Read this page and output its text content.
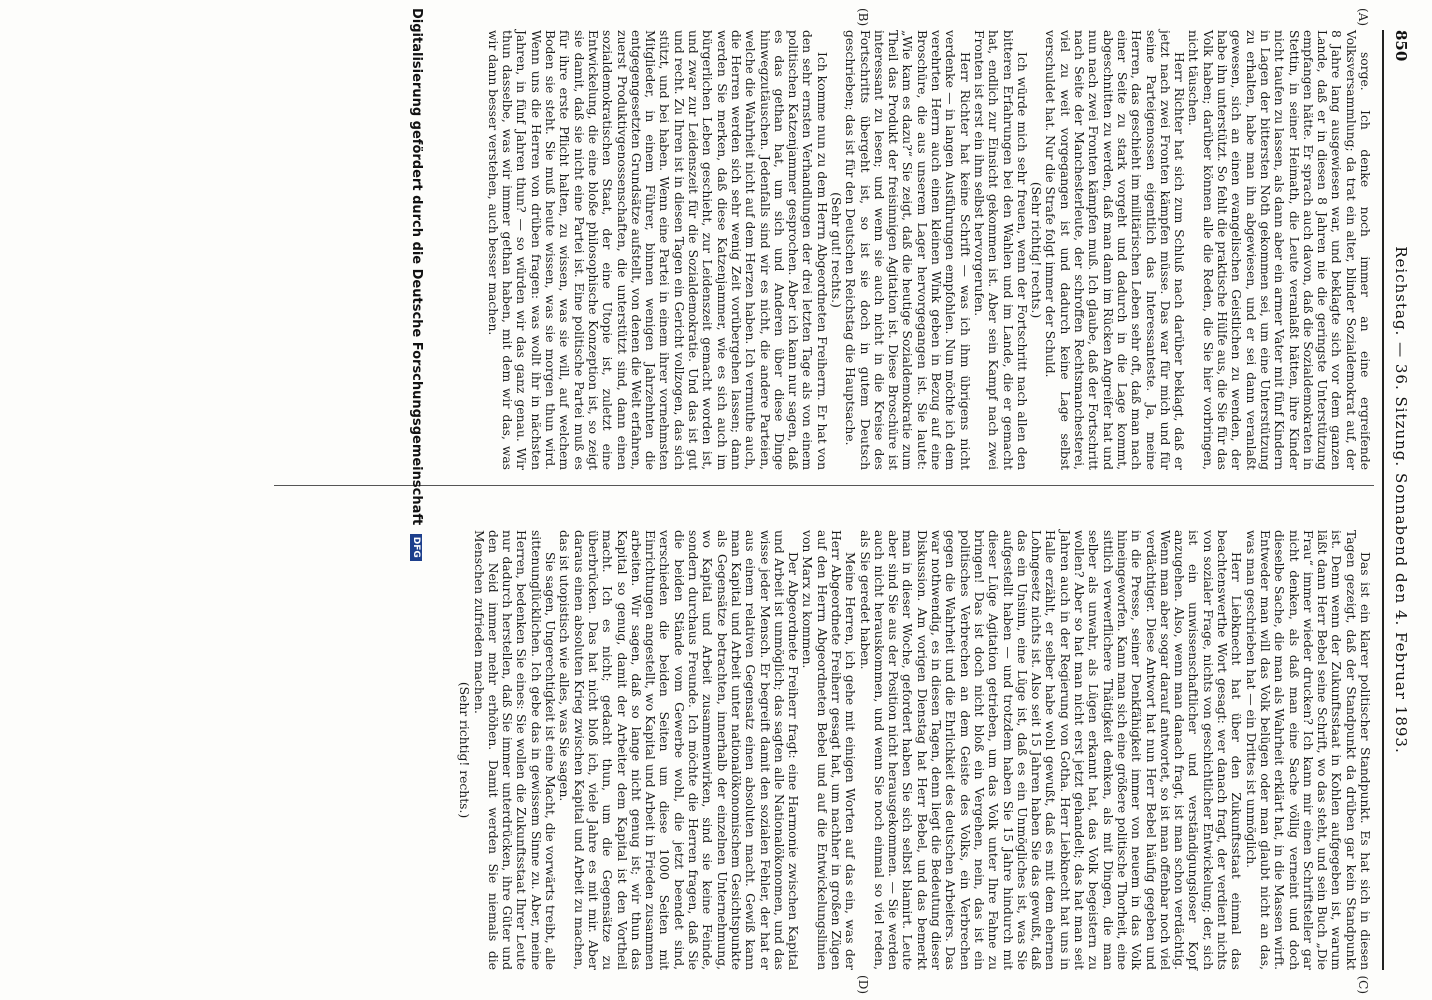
850
Reichstag. — 36. Sitzung. Sonnabend den 4. Februar 1893.
(A)
(B)
(C)
(D)

sorge. Ich denke noch immer an eine ergreifende Volksversammlung; da trat ein alter, blinder Sozialdemokrat auf, der 8 Jahre lang ausgewiesen war, und beklagte sich vor dem ganzen Lande, daß er in diesen 8 Jahren nie die geringste Unterstützung empfangen hätte. Er sprach auch davon, daß die Sozialdemokraten in Stettin, in seiner Heimath, die Leute veranlaßt hätten, ihre Kinder nicht taufen zu lassen, als dann aber ein armer Vater mit fünf Kindern in Lagen der bittersten Noth gekommen sei, um eine Unterstützung zu erhalten, habe man ihn abgewiesen, und er sei dann veranlaßt gewesen, sich an einen evangelischen Geistlichen zu wenden, der habe ihn unterstützt. So fehlt die praktische Hülfe aus, die Sie für das Volk haben; darüber können alle die Reden, die Sie hier vorbringen, nicht täuschen.

Herr Richter hat sich zum Schluß nach darüber beklagt, daß er jetzt nach zwei Fronten kämpfen müsse. Das war für mich und für seine Parteigenossen eigentlich das Interessanteste. Ja, meine Herren, das geschieht im militärischen Leben sehr oft, daß man nach einer Seite zu stark vorgeht und dadurch in die Lage kommt, abgeschnitten zu werden, daß man dann im Rücken Angreifer hat und nun nach zwei Fronten kämpfen muß. Ich glaube, daß der Fortschritt nach Seite der Manchesterleute, der schroffen Rechtsmanchesterei, viel zu weit vorgegangen ist und dadurch keine Lage selbst verschuldet hat. Nur die Strafe folgt immer der Schuld.

(Sehr richtig! rechts.)

Ich würde mich sehr freuen, wenn der Fortschritt nach allen den bitteren Erfahrungen bei den Wahlen und im Lande, die er gemacht hat, endlich zur Einsicht gekommen ist. Aber sein Kampf nach zwei Fronten ist erst ein ihm selbst hervorgerufen.

Herr Richter hat keine Schrift — was ich ihm übrigens nicht verdenke — in langen Ausführungen empfohlen. Nun möchte ich dem verehrten Herrn auch einen kleinen Wink geben in Bezug auf eine Broschüre, die aus unserem Lager hervorgegangen ist. Sie lautet: „Wie kam es dazu?“ Sie zeigt, daß die heutige Sozialdemokratie zum Theil das Produkt der freisinnigen Agitation ist. Diese Broschüre ist interessant zu lesen; und wenn sie auch nicht in die Kreise des Fortschritts übergeht ist, so ist sie doch in gutem Deutsch geschrieben; das ist für den Deutschen Reichstag die Hauptsache.

(Sehr gut! rechts.)

Ich komme nun zu dem Herrn Abgeordneten Freiherrn. Er hat von den sehr ernsten Verhandlungen der drei letzten Tage als von einem politischen Katzenjammer gesprochen. Aber ich kann nur sagen, daß es das gethan hat, um sich und Anderen über diese Dinge hinwegzutäuschen. Jedenfalls sind wir es nicht, die andere Parteien, welche die Wahrheit nicht auf dem Herzen haben. Ich vermuthe auch, die Herren werden sich sehr wenig Zeit vorübergehen lassen; dann werden Sie merken, daß diese Katzenjammer, wie es sich auch im bürgerlichen Leben geschieht, zur Leidenszeit gemacht worden ist, und zwar zur Leidenszeit für die Sozialdemokratie. Und das ist gut und recht. Zu Ihren ist in diesen Tagen ein Gericht vollzogen, das sich stützt, und bei haben. Wenn eine Partei in einem ihrer vornehmsten Mitglieder, in einem Führer, binnen wenigen Jahrzehnten die entgegengesetzten Grundsätze aufstellt, von denen die Welt erfahren, zuerst Produktivgenossenschaften, die unterstützt sind, dann einen sozialdemokratischen Staat, der eine Utopie ist, zuletzt eine Entwickelung, die eine bloße philosophische Konzeption ist, so zeigt sie damit, daß sie nicht eine Partei ist. Eine politische Partei muß es für ihre erste Pflicht halten, zu wissen, was sie will, auf welchem Boden sie steht. Sie muß heute wissen, was sie morgen thun wird. Wenn uns die Herren von drüben fragen: was wollt ihr in nächsten Jahren, in fünf Jahren thun? — so würden wir das ganz genau. Wir thun dasselbe, was wir immer gethan haben, mit dem wir das, was wir dann besser verstehen, auch besser machen.

Das ist ein klarer politischer Standpunkt. Es hat sich in diesen Tagen gezeigt, daß der Standpunkt da drüben gar kein Standpunkt ist. Denn wenn der Zukunftsstaat in Kohlen aufgegeben ist, warum läßt dann Herr Bebel seine Schrift, wo das steht, und sein Buch „Die Frau“ immer wieder drucken? Ich kann mir einen Schriftsteller gar nicht denken, als daß man eine Sache völlig verneint und doch dieselbe Sache, die man als Wahrheit erklärt hat, in die Massen wirft. Entweder man will das Volk belügen oder man glaubt nicht an das, was man geschrieben hat — ein Drittes ist unmöglich.

Herr Liebknecht hat über den Zukunftsstaat einmal das beachtenswerthe Wort gesagt: wer danach fragt, der verdient nichts von sozialer Frage, nichts von geschichtlicher Entwickelung; der, sich ist ein unwissenschaftlicher und verständigungsloser Kopf anzugehen. Also, wenn man danach fragt, ist man schon verdächtig. Wenn man aber sogar darauf antwortet, so ist man offenbar noch viel verdächtiger. Diese Antwort hat nun Herr Bebel häufig gegeben und in die Presse, seiner Denkfähigkeit immer von neuem in das Volk hineingeworfen. Kann man sich eine größere politische Thorheit, eine sittlich verwerflichere Thätigkeit denken, als mit Dingen, die man selber als unwahr, als Lügen erkannt hat, das Volk begeistern zu wollen? Aber so hat man nicht erst jetzt gehandelt; das hat man seit Jahren auch in der Regierung von Gotha. Herr Liebknecht hat uns in Halle erzählt, er selber habe wohl gewußt, daß es mit dem ehernen Lohngesetz nichts ist. Also seit 15 Jahren haben Sie das gewußt, daß das ein Unsinn, eine Lüge ist, daß es ein Unmögliches ist, was Sie aufgestellt haben — und trotzdem haben Sie 15 Jahre hindurch mit dieser Lüge Agitation getrieben, um das Volk unter Ihre Fahne zu bringen! Das ist doch nicht bloß ein Vergehen, nein, das ist ein politisches Verbrechen an dem Geiste des Volks, ein Verbrechen gegen die Wahrheit und die Ehrlichkeit des deutschen Arbeiters. Das war nothwendig, es in diesen Tagen, denn liegt die Bedeutung dieser Diskussion. Am vorigen Dienstag hat Herr Bebel, und das bemerkt man in dieser Woche, gefordert haben Sie sich selbst blamirt. Leute aber sind Sie aus der Position nicht herausgekommen. — Sie werden auch nicht herauskommen, und wenn Sie noch einmal so viel reden, als Sie geredet haben.

Meine Herren, ich gehe mit einigen Worten auf das ein, was der Herr Abgeordnete Freiherr gesagt hat, um nachher in großen Zügen auf den Herrn Abgeordneten Bebel und auf die Entwickelungslinien von Marx zu kommen.

Der Abgeordnete Freiherr fragt: eine Harmonie zwischen Kapital und Arbeit ist unmöglich; das sagten alle Nationalökonomen, und das wisse jeder Mensch. Er begreift damit den sozialen Fehler, der hat er aus einem relativen Gegensatz einen absoluten macht. Gewiß kann man Kapital und Arbeit unter nationalökonomischem Gesichtspunkte als Gegensätze betrachten, innerhalb der einzelnen Unternehmung, wo Kapital und Arbeit zusammenwirken, sind sie keine Feinde, sondern durchaus Freunde. Ich möchte die Herren fragen, daß Sie die beiden Stände vom Gewerbe wohl, die jetzt beendet sind, verschieden die beiden Seiten um diese 1000 Seiten mit Einrichtungen angestellt, wo Kapital und Arbeit in Frieden zusammen arbeiten. Wir sagen, daß so lange nicht genug ist; wir thun das Kapital so genug, damit der Arbeiter dem Kapital ist den Vortheil macht. Ich es nicht; gedacht thun, um die Gegensätze zu überbrücken. Das hat nicht bloß ich, viele Jahre es mit mir. Aber daraus einen absoluten Krieg zwischen Kapital und Arbeit zu machen, das ist utopistisch wie alles, was Sie sagen.

Sie sagen, Ungerechtigkeit ist eine Macht, die vorwärts treibt, alle sittenunglücklichen. Ich gebe das in gewissem Sinne zu. Aber, meine Herren, bedenken Sie eines: Sie wollen die Zukunftsstaat Ihrer Leute nur dadurch herstellen, daß Sie immer unterdrücken, ihre Güter und den Neid immer mehr erhöhen. Damit werden Sie niemals die Menschen zufrieden machen.

(Sehr richtig! rechts.)

Digitalisierung gefördert durch die Deutsche Forschungsgemeinschaft DFG
